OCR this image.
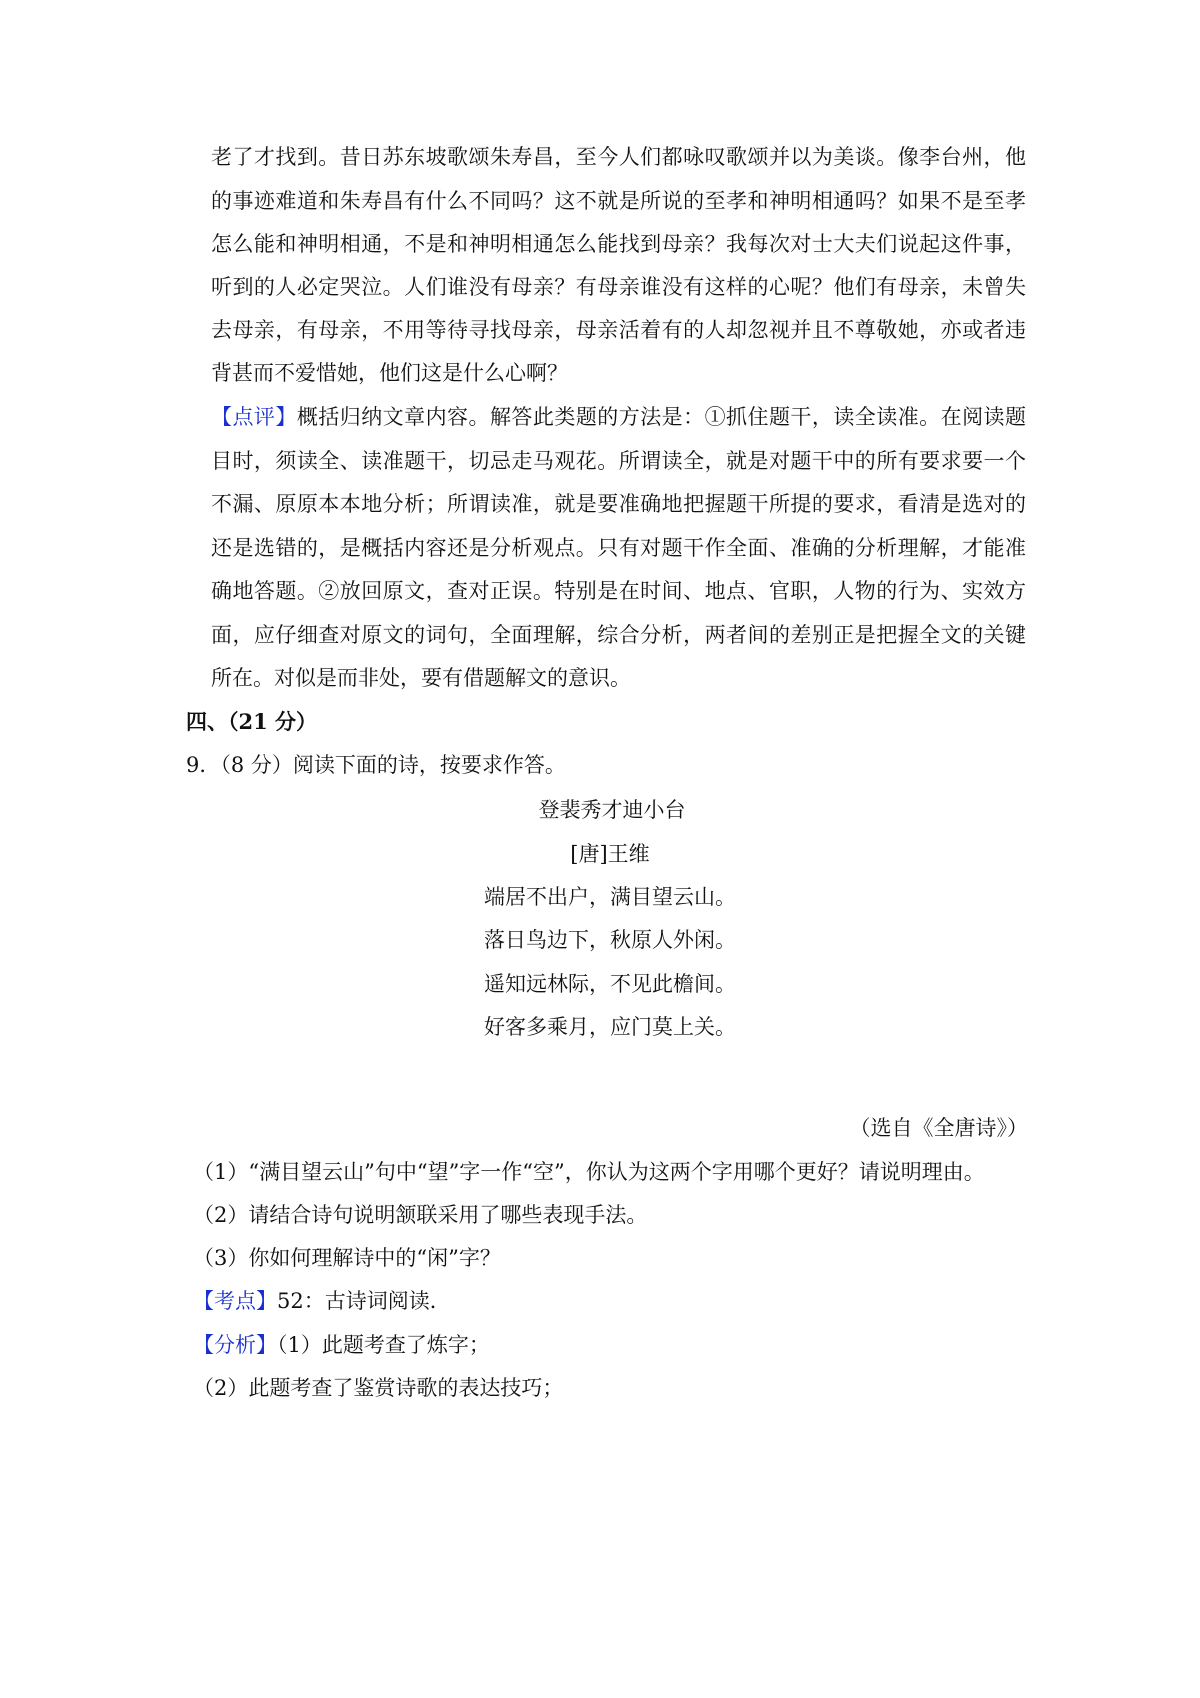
老了才找到。昔日苏东坡歌颂朱寿昌，至今人们都咏叹歌颂并以为美谈。像李台州，他
的事迹难道和朱寿昌有什么不同吗？这不就是所说的至孝和神明相通吗？如果不是至孝
怎么能和神明相通，不是和神明相通怎么能找到母亲？我每次对士大夫们说起这件事，
听到的人必定哭泣。人们谁没有母亲？有母亲谁没有这样的心呢？他们有母亲，未曾失
去母亲，有母亲，不用等待寻找母亲，母亲活着有的人却忽视并且不尊敬她，亦或者违
背甚而不爱惜她，他们这是什么心啊？
【点评】概括归纳文章内容。解答此类题的方法是：①抓住题干，读全读准。在阅读题
目时，须读全、读准题干，切忌走马观花。所谓读全，就是对题干中的所有要求要一个
不漏、原原本本地分析；所谓读准，就是要准确地把握题干所提的要求，看清是选对的
还是选错的，是概括内容还是分析观点。只有对题干作全面、准确的分析理解，才能准
确地答题。②放回原文，查对正误。特别是在时间、地点、官职，人物的行为、实效方
面，应仔细查对原文的词句，全面理解，综合分析，两者间的差别正是把握全文的关键
所在。对似是而非处，要有借题解文的意识。
四、（21 分）
9．（8 分）阅读下面的诗，按要求作答。
登裴秀才迪小台
[唐]王维
端居不出户，满目望云山。
落日鸟边下，秋原人外闲。
遥知远林际，不见此檐间。
好客多乘月，应门莫上关。
（选自《全唐诗》）
（1）“满目望云山”句中“望”字一作“空”，你认为这两个字用哪个更好？请说明理由。
（2）请结合诗句说明颔联采用了哪些表现手法。
（3）你如何理解诗中的“闲”字？
【考点】52：古诗词阅读．
【分析】（1）此题考查了炼字；
（2）此题考查了鉴赏诗歌的表达技巧；
